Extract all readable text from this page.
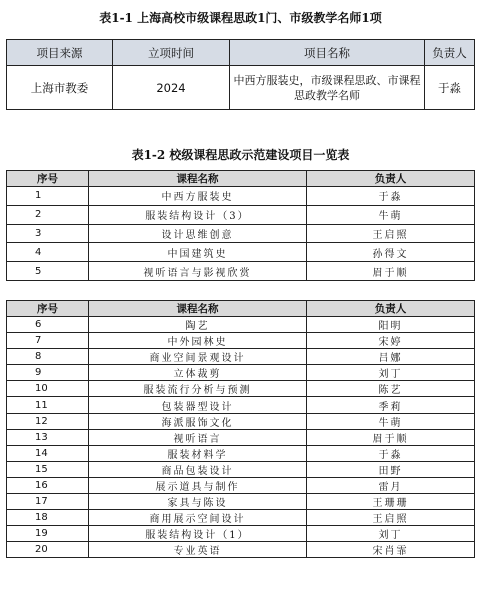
表1-1 上海高校市级课程思政1门、市级教学名师1项
项目来源	立项时间	项目名称	负责人
上海市教委	2024	中西方服装史，市级课程思政、市课程思政教学名师	于淼
表1-2 校级课程思政示范建设项目一览表
序号	课程名称	负责人
1	中西方服装史	于淼
2	服装结构设计（3）	牛萌
3	设计思维创意	王启照
4	中国建筑史	孙得文
5	视听语言与影视欣赏	眉于顺
序号	课程名称	负责人
6	陶艺	阳明
7	中外园林史	宋婷
8	商业空间景观设计	吕娜
9	立体裁剪	刘丁
10	服装流行分析与预测	陈艺
11	包装器型设计	季莉
12	海派服饰文化	牛萌
13	视听语言	眉于顺
14	服装材料学	于淼
15	商品包装设计	田野
16	展示道具与制作	雷月
17	家具与陈设	王珊珊
18	商用展示空间设计	王启照
19	服装结构设计（1）	刘丁
20	专业英语	宋肖霏
